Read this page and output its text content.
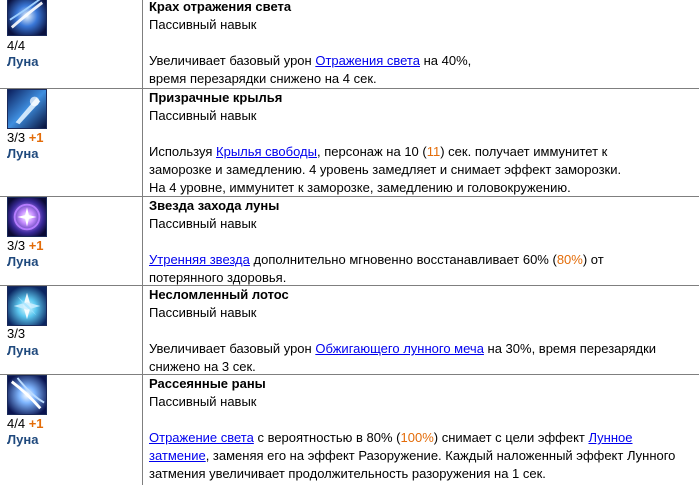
4/4
Луна
Крах отражения света
Пассивный навык
Увеличивает базовый урон Отражения света на 40%,
время перезарядки снижено на 4 сек.
3/3 +1
Луна
Призрачные крылья
Пассивный навык
Используя Крылья свободы, персонаж на 10 (11) сек. получает иммунитет к
заморозке и замедлению. 4 уровень замедляет и снимает эффект заморозки.
На 4 уровне, иммунитет к заморозке, замедлению и головокружению.
3/3 +1
Луна
Звезда захода луны
Пассивный навык
Утренняя звезда дополнительно мгновенно восстанавливает 60% (80%) от
потерянного здоровья.
3/3
Луна
Несломленный лотос
Пассивный навык
Увеличивает базовый урон Обжигающего лунного меча на 30%, время перезарядки
снижено на 3 сек.
4/4 +1
Луна
Рассеянные раны
Пассивный навык
Отражение света с вероятностью в 80% (100%) снимает с цели эффект Лунное
затмение, заменяя его на эффект Разоружение. Каждый наложенный эффект Лунного
затмения увеличивает продолжительность разоружения на 1 сек.
